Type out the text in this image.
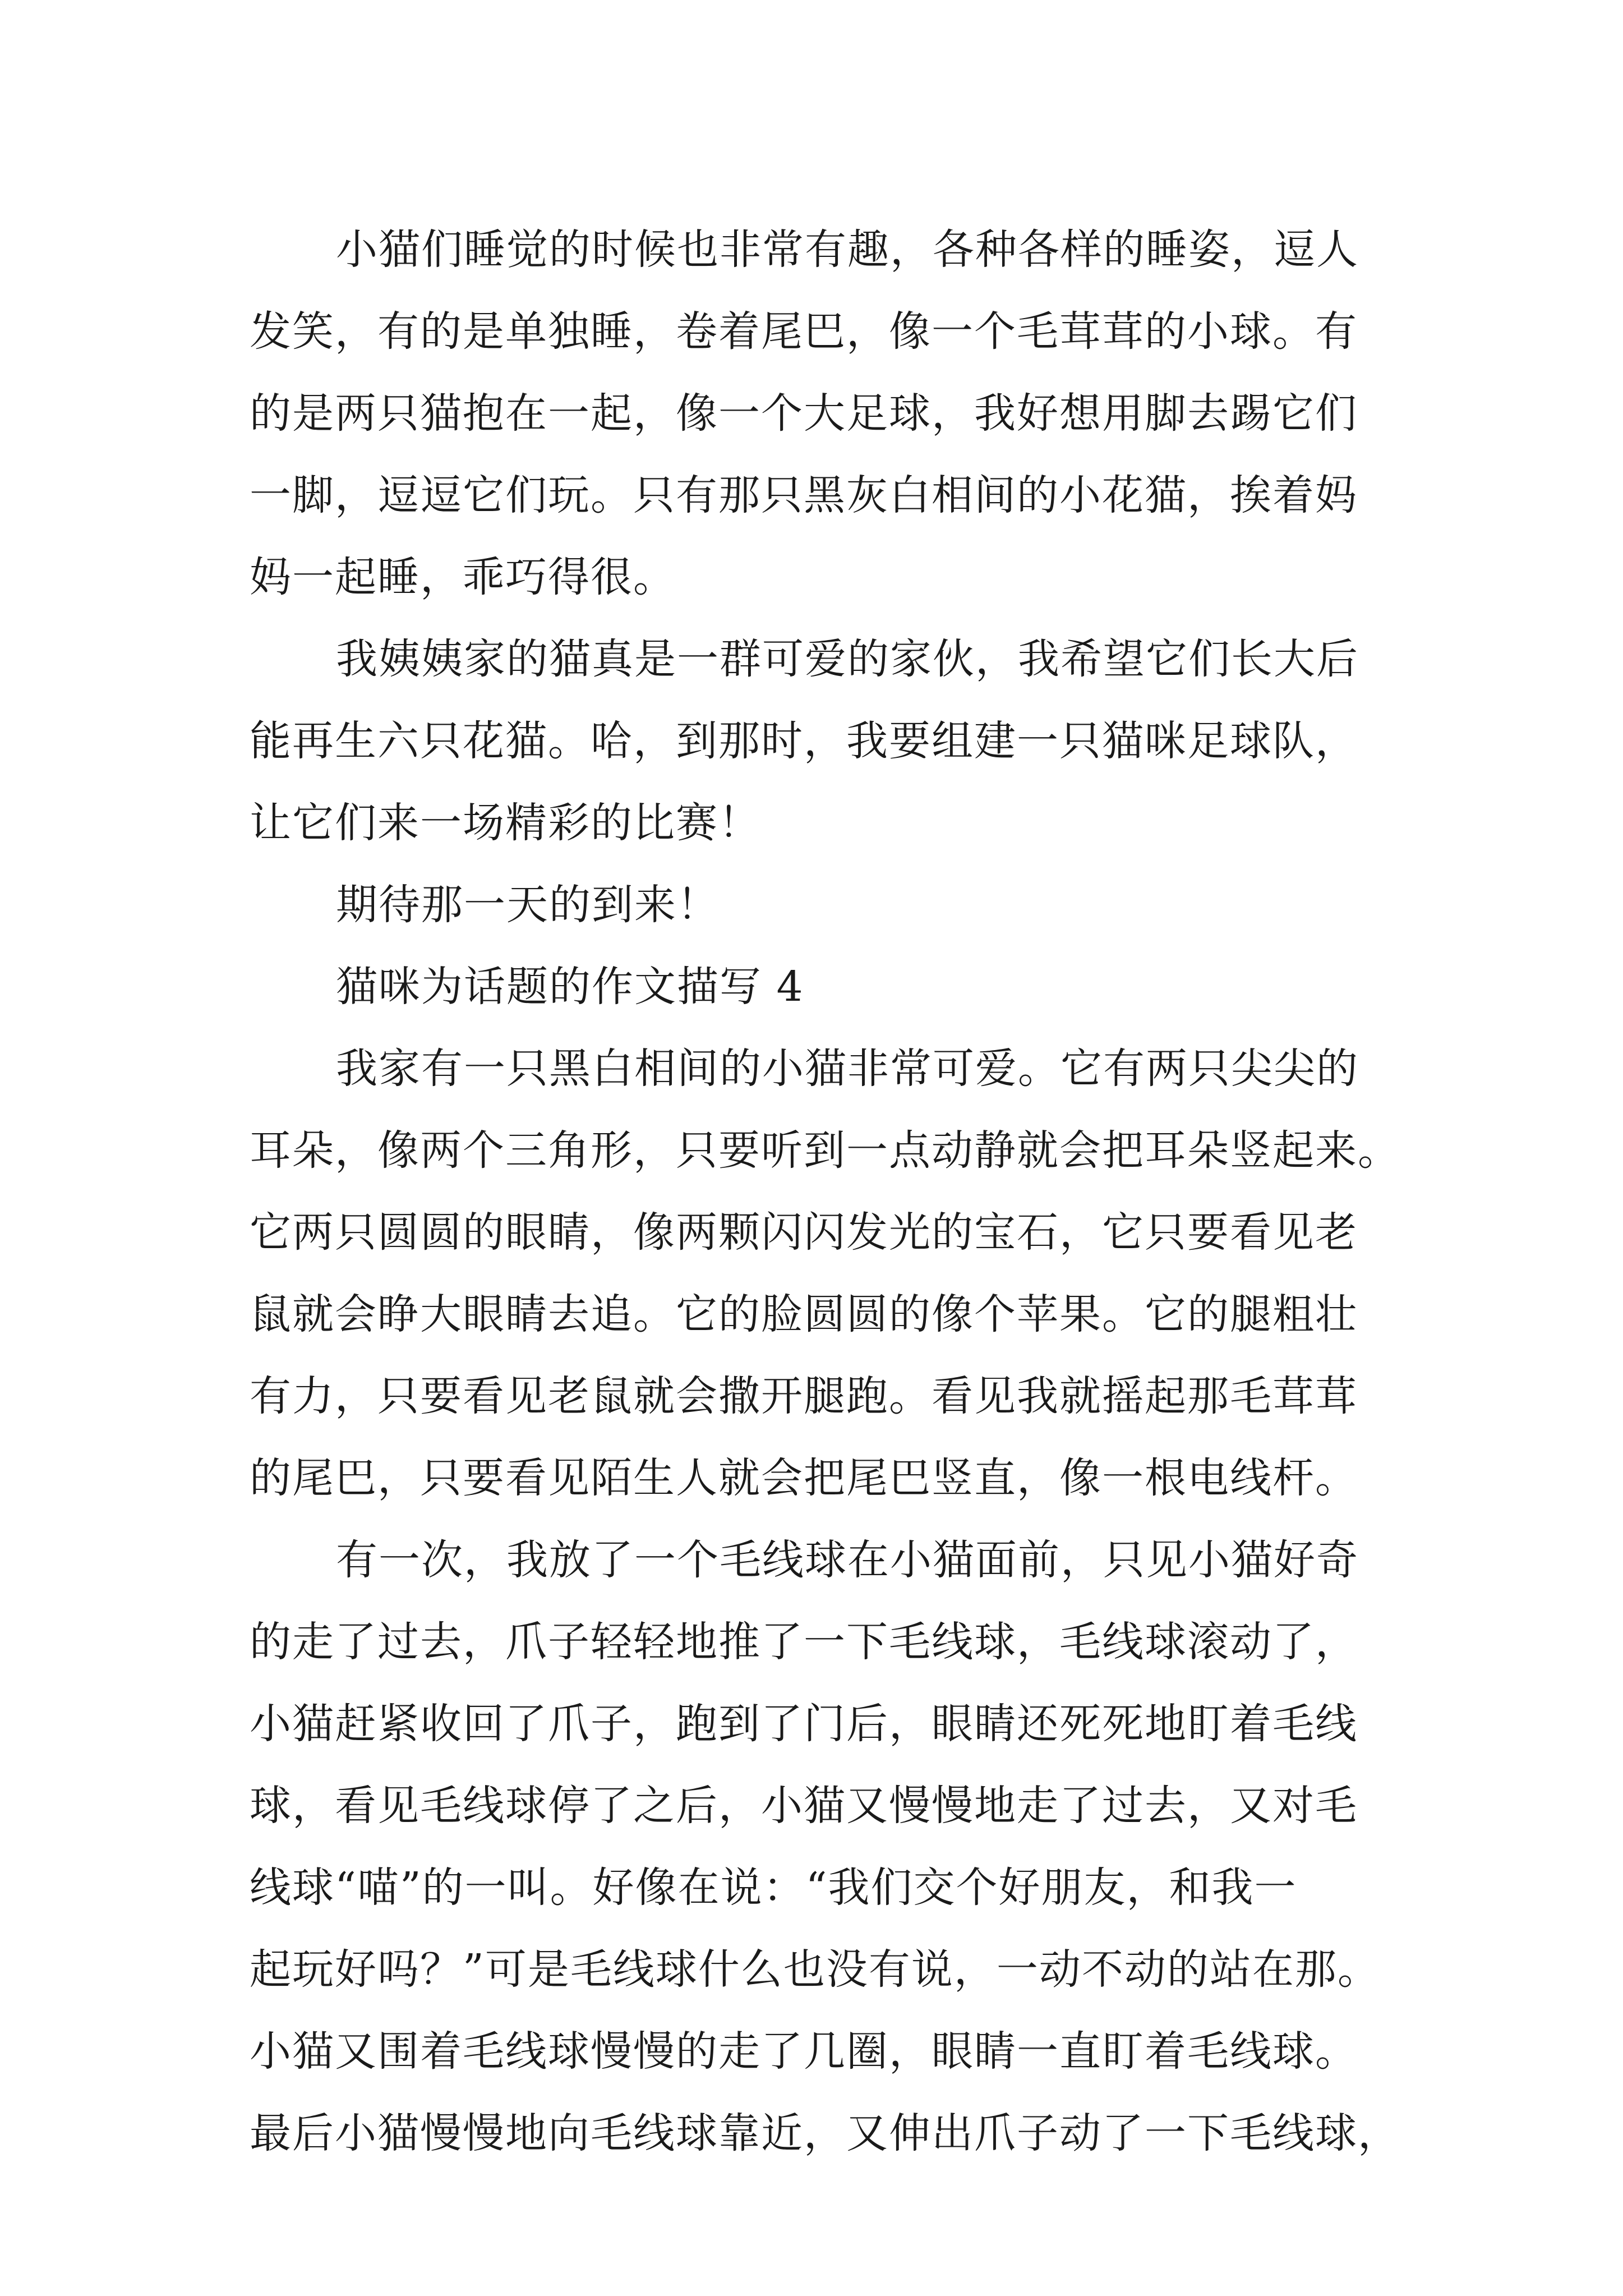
小猫们睡觉的时候也非常有趣，各种各样的睡姿，逗人
发笑，有的是单独睡，卷着尾巴，像一个毛茸茸的小球。有
的是两只猫抱在一起，像一个大足球，我好想用脚去踢它们
一脚，逗逗它们玩。只有那只黑灰白相间的小花猫，挨着妈
妈一起睡，乖巧得很。

我姨姨家的猫真是一群可爱的家伙，我希望它们长大后
能再生六只花猫。哈，到那时，我要组建一只猫咪足球队，
让它们来一场精彩的比赛！

期待那一天的到来！

猫咪为话题的作文描写 4

我家有一只黑白相间的小猫非常可爱。它有两只尖尖的
耳朵，像两个三角形，只要听到一点动静就会把耳朵竖起来。
它两只圆圆的眼睛，像两颗闪闪发光的宝石，它只要看见老
鼠就会睁大眼睛去追。它的脸圆圆的像个苹果。它的腿粗壮
有力，只要看见老鼠就会撒开腿跑。看见我就摇起那毛茸茸
的尾巴，只要看见陌生人就会把尾巴竖直，像一根电线杆。

有一次，我放了一个毛线球在小猫面前，只见小猫好奇
的走了过去，爪子轻轻地推了一下毛线球，毛线球滚动了，
小猫赶紧收回了爪子，跑到了门后，眼睛还死死地盯着毛线
球，看见毛线球停了之后，小猫又慢慢地走了过去，又对毛
线球“喵”的一叫。好像在说：“我们交个好朋友，和我一
起玩好吗？”可是毛线球什么也没有说，一动不动的站在那。
小猫又围着毛线球慢慢的走了几圈，眼睛一直盯着毛线球。
最后小猫慢慢地向毛线球靠近，又伸出爪子动了一下毛线球，
